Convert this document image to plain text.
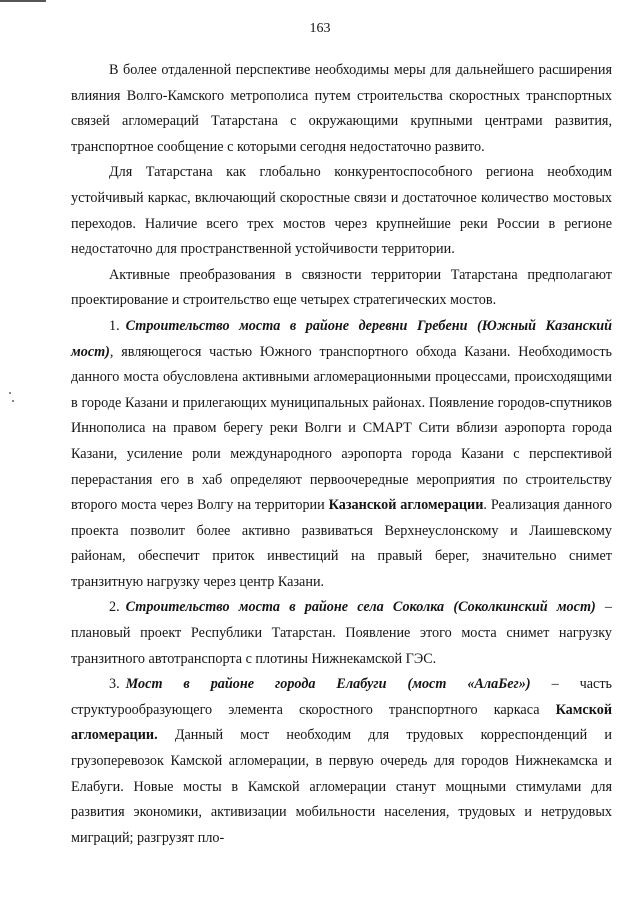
163

В более отдаленной перспективе необходимы меры для дальнейшего расширения влияния Волго-Камского метрополиса путем строительства скоростных транспортных связей агломераций Татарстана с окружающими крупными центрами развития, транспортное сообщение с которыми сегодня недостаточно развито.

Для Татарстана как глобально конкурентоспособного региона необходим устойчивый каркас, включающий скоростные связи и достаточное количество мостовых переходов. Наличие всего трех мостов через крупнейшие реки России в регионе недостаточно для пространственной устойчивости территории.

Активные преобразования в связности территории Татарстана предполагают проектирование и строительство еще четырех стратегических мостов.

1. Строительство моста в районе деревни Гребени (Южный Казанский мост), являющегося частью Южного транспортного обхода Казани. Необходимость данного моста обусловлена активными агломерационными процессами, происходящими в городе Казани и прилегающих муниципальных районах. Появление городов-спутников Иннополиса на правом берегу реки Волги и СМАРТ Сити вблизи аэропорта города Казани, усиление роли международного аэропорта города Казани с перспективой перерастания его в хаб определяют первоочередные мероприятия по строительству второго моста через Волгу на территории Казанской агломерации. Реализация данного проекта позволит более активно развиваться Верхнеуслонскому и Лаишевскому районам, обеспечит приток инвестиций на правый берег, значительно снимет транзитную нагрузку через центр Казани.

2. Строительство моста в районе села Соколка (Соколкинский мост) – плановый проект Республики Татарстан. Появление этого моста снимет нагрузку транзитного автотранспорта с плотины Нижнекамской ГЭС.

3. Мост в районе города Елабуги (мост «АлаБег») – часть структурообразующего элемента скоростного транспортного каркаса Камской агломерации. Данный мост необходим для трудовых корреспонденций и грузоперевозок Камской агломерации, в первую очередь для городов Нижнекамска и Елабуги. Новые мосты в Камской агломерации станут мощными стимулами для развития экономики, активизации мобильности населения, трудовых и нетрудовых миграций; разгрузят пло-
